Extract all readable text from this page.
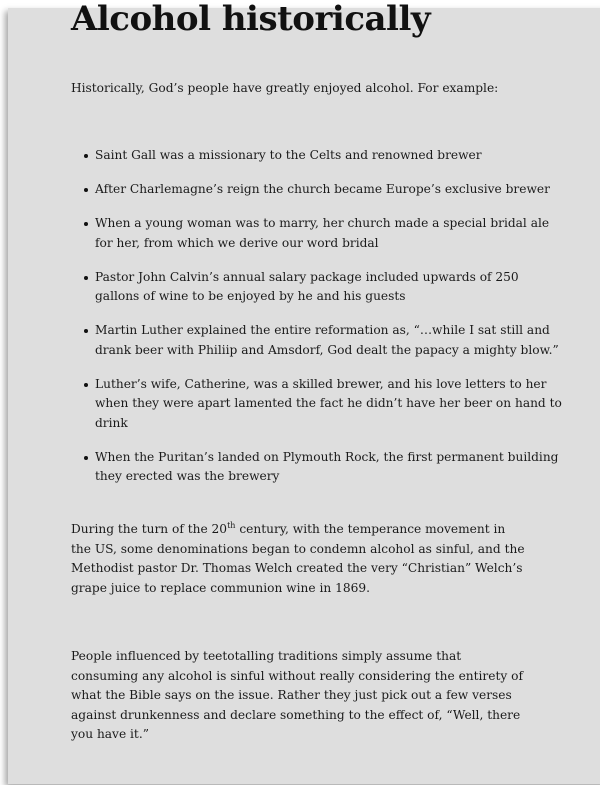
Alcohol historically

Historically, God’s people have greatly enjoyed alcohol. For example:

Saint Gall was a missionary to the Celts and renowned brewer
After Charlemagne’s reign the church became Europe’s exclusive brewer
When a young woman was to marry, her church made a special bridal ale for her, from which we derive our word bridal
Pastor John Calvin’s annual salary package included upwards of 250 gallons of wine to be enjoyed by he and his guests
Martin Luther explained the entire reformation as, “…while I sat still and drank beer with Philiip and Amsdorf, God dealt the papacy a mighty blow.”
Luther’s wife, Catherine, was a skilled brewer, and his love letters to her when they were apart lamented the fact he didn’t have her beer on hand to drink
When the Puritan’s landed on Plymouth Rock, the first permanent building they erected was the brewery

During the turn of the 20th century, with the temperance movement in the US, some denominations began to condemn alcohol as sinful, and the Methodist pastor Dr. Thomas Welch created the very “Christian” Welch’s grape juice to replace communion wine in 1869.

People influenced by teetotalling traditions simply assume that consuming any alcohol is sinful without really considering the entirety of what the Bible says on the issue. Rather they just pick out a few verses against drunkenness and declare something to the effect of, “Well, there you have it.”
